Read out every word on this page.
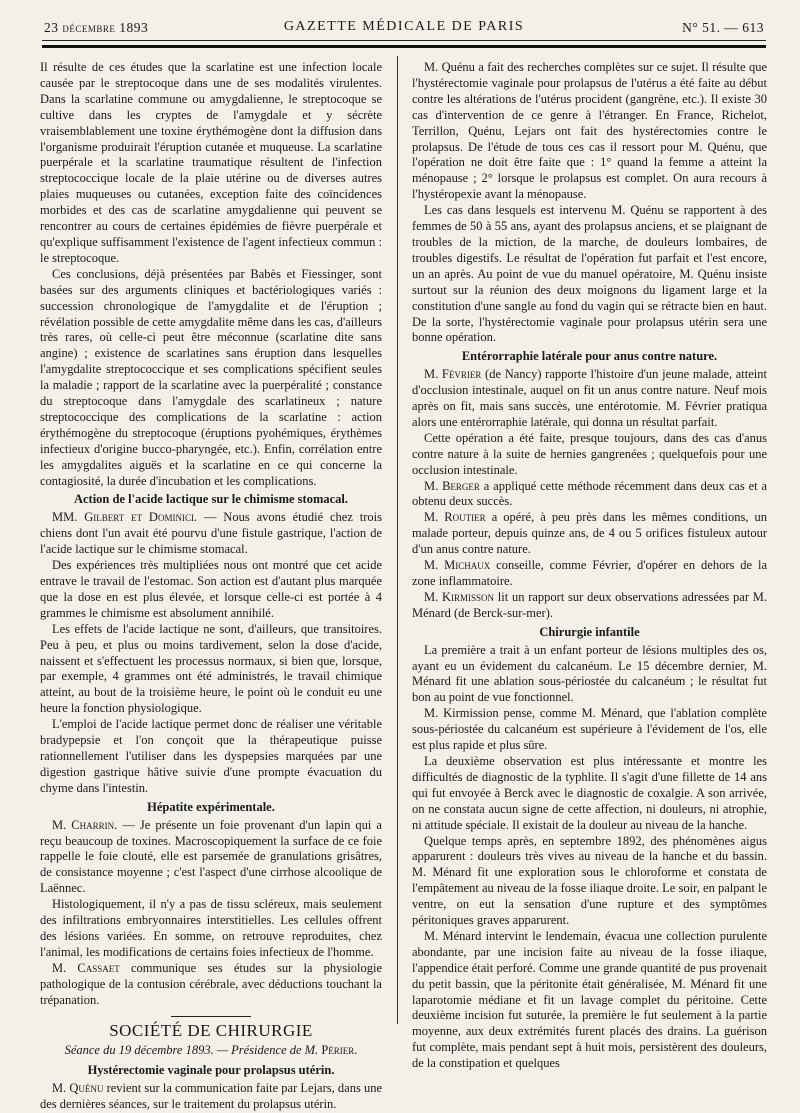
23 décembre 1893	GAZETTE MÉDICALE DE PARIS	N° 51. — 613

Il résulte de ces études que la scarlatine est une infection locale causée par le streptocoque dans une de ses modalités virulentes. Dans la scarlatine commune ou amygdalienne, le streptocoque se cultive dans les cryptes de l'amygdale et y sécrète vraisemblablement une toxine érythémogène dont la diffusion dans l'organisme produirait l'éruption cutanée et muqueuse. La scarlatine puerpérale et la scarlatine traumatique résultent de l'infection streptococcique locale de la plaie utérine ou de diverses autres plaies muqueuses ou cutanées, exception faite des coïncidences morbides et des cas de scarlatine amygdalienne qui peuvent se rencontrer au cours de certaines épidémies de fièvre puerpérale et qu'explique suffisamment l'existence de l'agent infectieux commun : le streptocoque.

Ces conclusions, déjà présentées par Babès et Fiessinger, sont basées sur des arguments cliniques et bactériologiques variés : succession chronologique de l'amygdalite et de l'éruption ; révélation possible de cette amygdalite même dans les cas, d'ailleurs très rares, où celle-ci peut être méconnue (scarlatine dite sans angine) ; existence de scarlatines sans éruption dans lesquelles l'amygdalite streptococcique et ses complications spécifient seules la maladie ; rapport de la scarlatine avec la puerpéralité ; constance du streptocoque dans l'amygdale des scarlatineux ; nature streptococcique des complications de la scarlatine : action érythémogène du streptocoque (éruptions pyohémiques, érythèmes infectieux d'origine bucco-pharyngée, etc.). Enfin, corrélation entre les amygdalites aiguës et la scarlatine en ce qui concerne la contagiosité, la durée d'incubation et les complications.

Action de l'acide lactique sur le chimisme stomacal.

MM. Gilbert et Dominici. — Nous avons étudié chez trois chiens dont l'un avait été pourvu d'une fistule gastrique, l'action de l'acide lactique sur le chimisme stomacal.

Des expériences très multipliées nous ont montré que cet acide entrave le travail de l'estomac. Son action est d'autant plus marquée que la dose en est plus élevée, et lorsque celle-ci est portée à 4 grammes le chimisme est absolument annihilé.

Les effets de l'acide lactique ne sont, d'ailleurs, que transitoires. Peu à peu, et plus ou moins tardivement, selon la dose d'acide, naissent et s'effectuent les processus normaux, si bien que, lorsque, par exemple, 4 grammes ont été administrés, le travail chimique atteint, au bout de la troisième heure, le point où le conduit eu une heure la fonction physiologique.

L'emploi de l'acide lactique permet donc de réaliser une véritable bradypepsie et l'on conçoit que la thérapeutique puisse rationnellement l'utiliser dans les dyspepsies marquées par une digestion gastrique hâtive suivie d'une prompte évacuation du chyme dans l'intestin.

Hépatite expérimentale.

M. Charrin. — Je présente un foie provenant d'un lapin qui a reçu beaucoup de toxines. Macroscopiquement la surface de ce foie rappelle le foie clouté, elle est parsemée de granulations grisâtres, de consistance moyenne ; c'est l'aspect d'une cirrhose alcoolique de Laënnec.

Histologiquement, il n'y a pas de tissu scléreux, mais seulement des infiltrations embryonnaires interstitielles. Les cellules offrent des lésions variées. En somme, on retrouve reproduites, chez l'animal, les modifications de certains foies infectieux de l'homme.

M. Cassaet communique ses études sur la physiologie pathologique de la contusion cérébrale, avec déductions touchant la trépanation.

SOCIÉTÉ DE CHIRURGIE
Séance du 19 décembre 1893. — Présidence de M. Périer.
Hystérectomie vaginale pour prolapsus utérin.

M. Quénu revient sur la communication faite par Lejars, dans une des dernières séances, sur le traitement du prolapsus utérin.

M. Quénu a fait des recherches complètes sur ce sujet. Il résulte que l'hystérectomie vaginale pour prolapsus de l'utérus a été faite au début contre les altérations de l'utérus procident (gangrène, etc.). Il existe 30 cas d'intervention de ce genre à l'étranger. En France, Richelot, Terrillon, Quénu, Lejars ont fait des hystérectomies contre le prolapsus. De l'étude de tous ces cas il ressort pour M. Quénu, que l'opération ne doit être faite que : 1° quand la femme a atteint la ménopause ; 2° lorsque le prolapsus est complet. On aura recours à l'hystéropexie avant la ménopause.

Les cas dans lesquels est intervenu M. Quénu se rapportent à des femmes de 50 à 55 ans, ayant des prolapsus anciens, et se plaignant de troubles de la miction, de la marche, de douleurs lombaires, de troubles digestifs. Le résultat de l'opération fut parfait et l'est encore, un an après. Au point de vue du manuel opératoire, M. Quénu insiste surtout sur la réunion des deux moignons du ligament large et la constitution d'une sangle au fond du vagin qui se rétracte bien en haut. De la sorte, l'hystérectomie vaginale pour prolapsus utérin sera une bonne opération.

Entérorraphie latérale pour anus contre nature.

M. Février (de Nancy) rapporte l'histoire d'un jeune malade, atteint d'occlusion intestinale, auquel on fit un anus contre nature. Neuf mois après on fit, mais sans succès, une entérotomie. M. Février pratiqua alors une entérorraphie latérale, qui donna un résultat parfait.

Cette opération a été faite, presque toujours, dans des cas d'anus contre nature à la suite de hernies gangrenées ; quelquefois pour une occlusion intestinale.

M. Berger a appliqué cette méthode récemment dans deux cas et a obtenu deux succès.

M. Routier a opéré, à peu près dans les mêmes conditions, un malade porteur, depuis quinze ans, de 4 ou 5 orifices fistuleux autour d'un anus contre nature.

M. Michaux conseille, comme Février, d'opérer en dehors de la zone inflammatoire.

M. Kirmisson lit un rapport sur deux observations adressées par M. Ménard (de Berck-sur-mer).

Chirurgie infantile

La première a trait à un enfant porteur de lésions multiples des os, ayant eu un évidement du calcanéum. Le 15 décembre dernier, M. Ménard fit une ablation sous-périostée du calcanéum ; le résultat fut bon au point de vue fonctionnel.

M. Kirmission pense, comme M. Ménard, que l'ablation complète sous-périostée du calcanéum est supérieure à l'évidement de l'os, elle est plus rapide et plus sûre.

La deuxième observation est plus intéressante et montre les difficultés de diagnostic de la typhlite. Il s'agit d'une fillette de 14 ans qui fut envoyée à Berck avec le diagnostic de coxalgie. A son arrivée, on ne constata aucun signe de cette affection, ni douleurs, ni atrophie, ni attitude spéciale. Il existait de la douleur au niveau de la hanche.

Quelque temps après, en septembre 1892, des phénomènes aigus apparurent : douleurs très vives au niveau de la hanche et du bassin. M. Ménard fit une exploration sous le chloroforme et constata de l'empâtement au niveau de la fosse iliaque droite. Le soir, en palpant le ventre, on eut la sensation d'une rupture et des symptômes péritoniques graves apparurent.

M. Ménard intervint le lendemain, évacua une collection purulente abondante, par une incision faite au niveau de la fosse iliaque, l'appendice était perforé. Comme une grande quantité de pus provenait du petit bassin, que la péritonite était généralisée, M. Ménard fit une laparotomie médiane et fit un lavage complet du péritoine. Cette deuxième incision fut suturée, la première le fut seulement à la partie moyenne, aux deux extrémités furent placés des drains. La guérison fut complète, mais pendant sept à huit mois, persistèrent des douleurs, de la constipation et quelques
